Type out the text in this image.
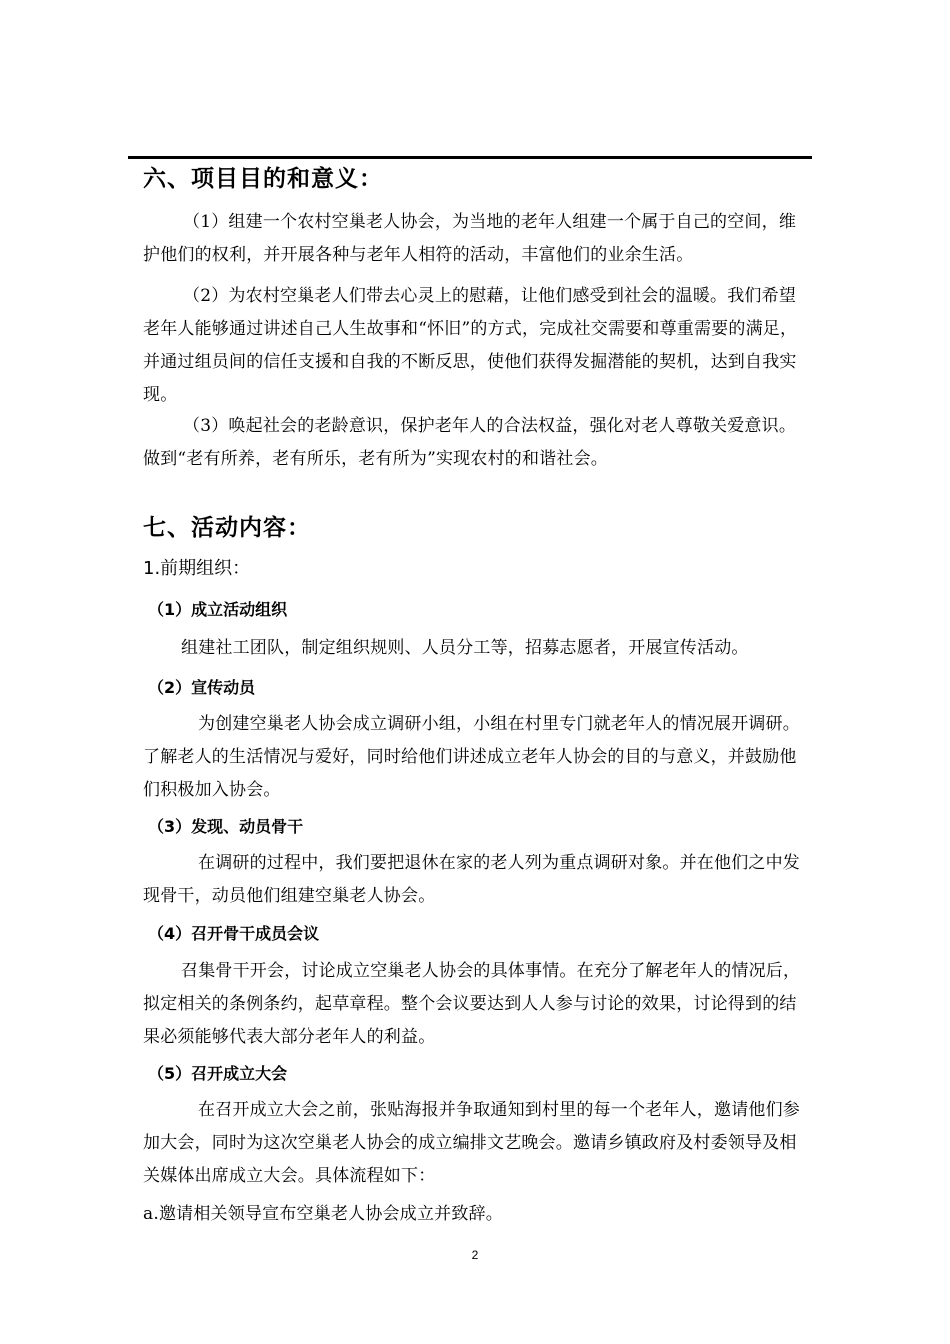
六、项目目的和意义：
（1）组建一个农村空巢老人协会，为当地的老年人组建一个属于自己的空间，维护他们的权利，并开展各种与老年人相符的活动，丰富他们的业余生活。
（2）为农村空巢老人们带去心灵上的慰藉，让他们感受到社会的温暖。我们希望老年人能够通过讲述自己人生故事和“怀旧”的方式，完成社交需要和尊重需要的满足，并通过组员间的信任支援和自我的不断反思，使他们获得发掘潜能的契机，达到自我实现。
（3）唤起社会的老龄意识，保护老年人的合法权益，强化对老人尊敬关爱意识。做到“老有所养，老有所乐，老有所为”实现农村的和谐社会。
七、活动内容：
1.前期组织：
（1）成立活动组织
组建社工团队，制定组织规则、人员分工等，招募志愿者，开展宣传活动。
（2）宣传动员
为创建空巢老人协会成立调研小组，小组在村里专门就老年人的情况展开调研。了解老人的生活情况与爱好，同时给他们讲述成立老年人协会的目的与意义，并鼓励他们积极加入协会。
（3）发现、动员骨干
在调研的过程中，我们要把退休在家的老人列为重点调研对象。并在他们之中发现骨干，动员他们组建空巢老人协会。
（4）召开骨干成员会议
召集骨干开会，讨论成立空巢老人协会的具体事情。在充分了解老年人的情况后，拟定相关的条例条约，起草章程。整个会议要达到人人参与讨论的效果，讨论得到的结果必须能够代表大部分老年人的利益。
（5）召开成立大会
在召开成立大会之前，张贴海报并争取通知到村里的每一个老年人，邀请他们参加大会，同时为这次空巢老人协会的成立编排文艺晚会。邀请乡镇政府及村委领导及相关媒体出席成立大会。具体流程如下：
a.邀请相关领导宣布空巢老人协会成立并致辞。
2
